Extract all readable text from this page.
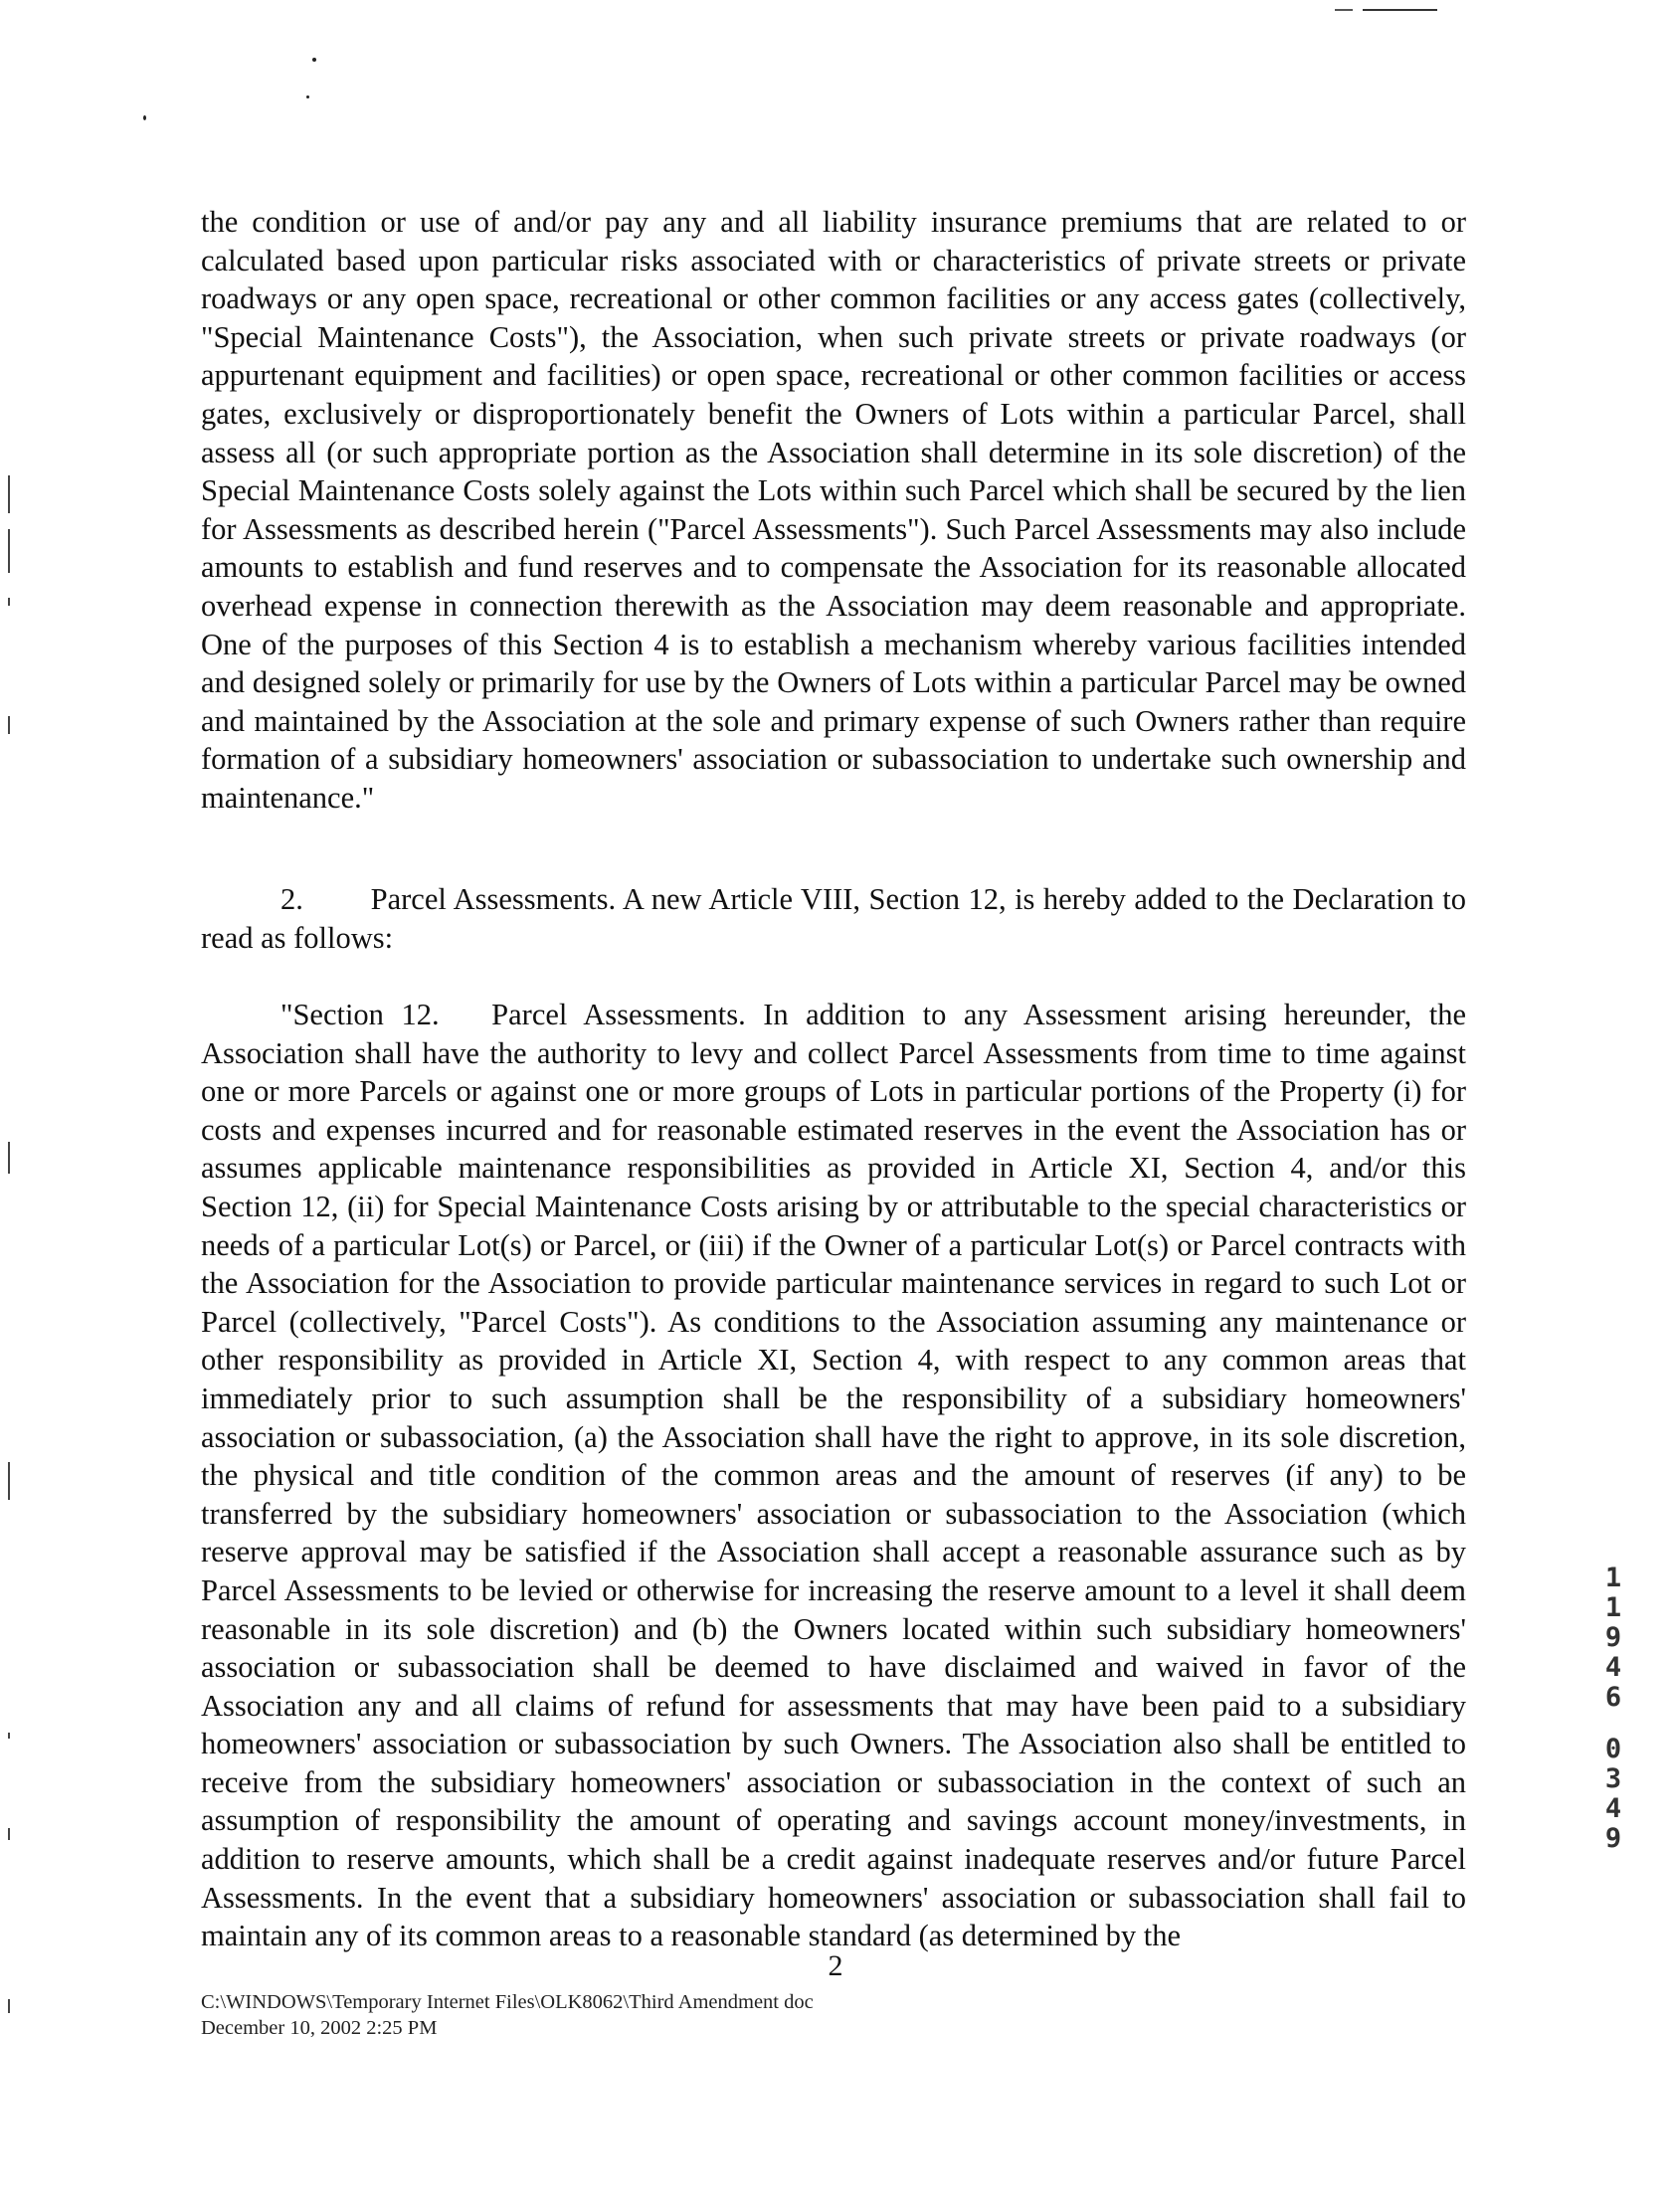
the condition or use of and/or pay any and all liability insurance premiums that are related to or calculated based upon particular risks associated with or characteristics of private streets or private roadways or any open space, recreational or other common facilities or any access gates (collectively, "Special Maintenance Costs"), the Association, when such private streets or private roadways (or appurtenant equipment and facilities) or open space, recreational or other common facilities or access gates, exclusively or disproportionately benefit the Owners of Lots within a particular Parcel, shall assess all (or such appropriate portion as the Association shall determine in its sole discretion) of the Special Maintenance Costs solely against the Lots within such Parcel which shall be secured by the lien for Assessments as described herein ("Parcel Assessments"). Such Parcel Assessments may also include amounts to establish and fund reserves and to compensate the Association for its reasonable allocated overhead expense in connection therewith as the Association may deem reasonable and appropriate. One of the purposes of this Section 4 is to establish a mechanism whereby various facilities intended and designed solely or primarily for use by the Owners of Lots within a particular Parcel may be owned and maintained by the Association at the sole and primary expense of such Owners rather than require formation of a subsidiary homeowners' association or subassociation to undertake such ownership and maintenance."

2.        Parcel Assessments. A new Article VIII, Section 12, is hereby added to the Declaration to read as follows:

"Section 12.   Parcel Assessments. In addition to any Assessment arising hereunder, the Association shall have the authority to levy and collect Parcel Assessments from time to time against one or more Parcels or against one or more groups of Lots in particular portions of the Property (i) for costs and expenses incurred and for reasonable estimated reserves in the event the Association has or assumes applicable maintenance responsibilities as provided in Article XI, Section 4, and/or this Section 12, (ii) for Special Maintenance Costs arising by or attributable to the special characteristics or needs of a particular Lot(s) or Parcel, or (iii) if the Owner of a particular Lot(s) or Parcel contracts with the Association for the Association to provide particular maintenance services in regard to such Lot or Parcel (collectively, "Parcel Costs"). As conditions to the Association assuming any maintenance or other responsibility as provided in Article XI, Section 4, with respect to any common areas that immediately prior to such assumption shall be the responsibility of a subsidiary homeowners' association or subassociation, (a) the Association shall have the right to approve, in its sole discretion, the physical and title condition of the common areas and the amount of reserves (if any) to be transferred by the subsidiary homeowners' association or subassociation to the Association (which reserve approval may be satisfied if the Association shall accept a reasonable assurance such as by Parcel Assessments to be levied or otherwise for increasing the reserve amount to a level it shall deem reasonable in its sole discretion) and (b) the Owners located within such subsidiary homeowners' association or subassociation shall be deemed to have disclaimed and waived in favor of the Association any and all claims of refund for assessments that may have been paid to a subsidiary homeowners' association or subassociation by such Owners. The Association also shall be entitled to receive from the subsidiary homeowners' association or subassociation in the context of such an assumption of responsibility the amount of operating and savings account money/investments, in addition to reserve amounts, which shall be a credit against inadequate reserves and/or future Parcel Assessments. In the event that a subsidiary homeowners' association or subassociation shall fail to maintain any of its common areas to a reasonable standard (as determined by the

2
C:\WINDOWS\Temporary Internet Files\OLK8062\Third Amendment doc
December 10, 2002 2:25 PM
1
1
9
4
6
0
3
4
9
